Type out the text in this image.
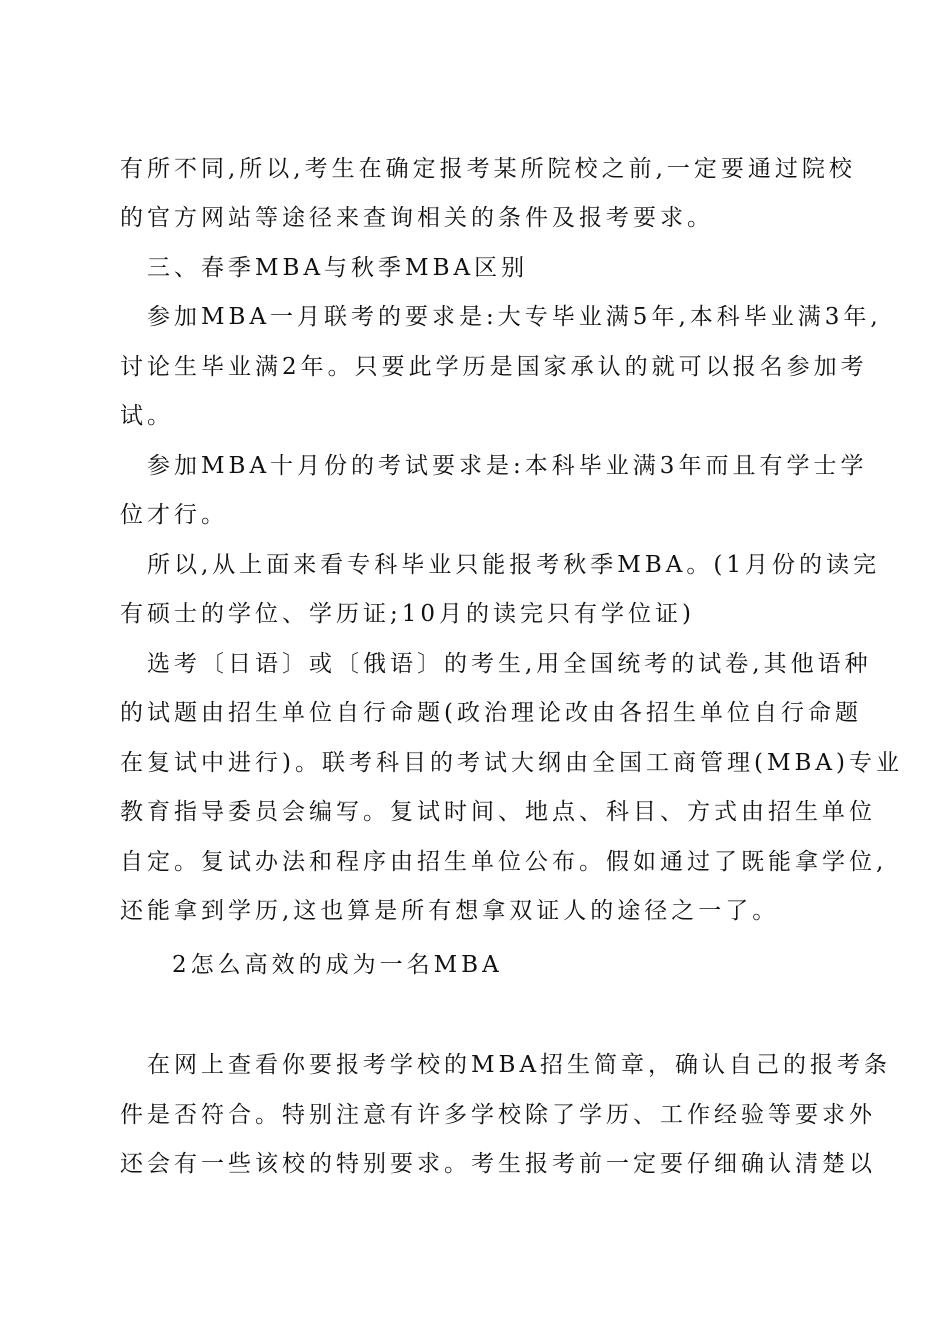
有所不同,所以,考生在确定报考某所院校之前,一定要通过院校
的官方网站等途径来查询相关的条件及报考要求。
三、春季MBA与秋季MBA区别
参加MBA一月联考的要求是:大专毕业满5年,本科毕业满3年,
讨论生毕业满2年。只要此学历是国家承认的就可以报名参加考
试。
参加MBA十月份的考试要求是:本科毕业满3年而且有学士学
位才行。
所以,从上面来看专科毕业只能报考秋季MBA。(1月份的读完
有硕士的学位、学历证;10月的读完只有学位证)
选考〔日语〕或〔俄语〕的考生,用全国统考的试卷,其他语种
的试题由招生单位自行命题(政治理论改由各招生单位自行命题
在复试中进行)。联考科目的考试大纲由全国工商管理(MBA)专业
教育指导委员会编写。复试时间、地点、科目、方式由招生单位
自定。复试办法和程序由招生单位公布。假如通过了既能拿学位,
还能拿到学历,这也算是所有想拿双证人的途径之一了。
2怎么高效的成为一名MBA
在网上查看你要报考学校的MBA招生简章，确认自己的报考条
件是否符合。特别注意有许多学校除了学历、工作经验等要求外
还会有一些该校的特别要求。考生报考前一定要仔细确认清楚以
